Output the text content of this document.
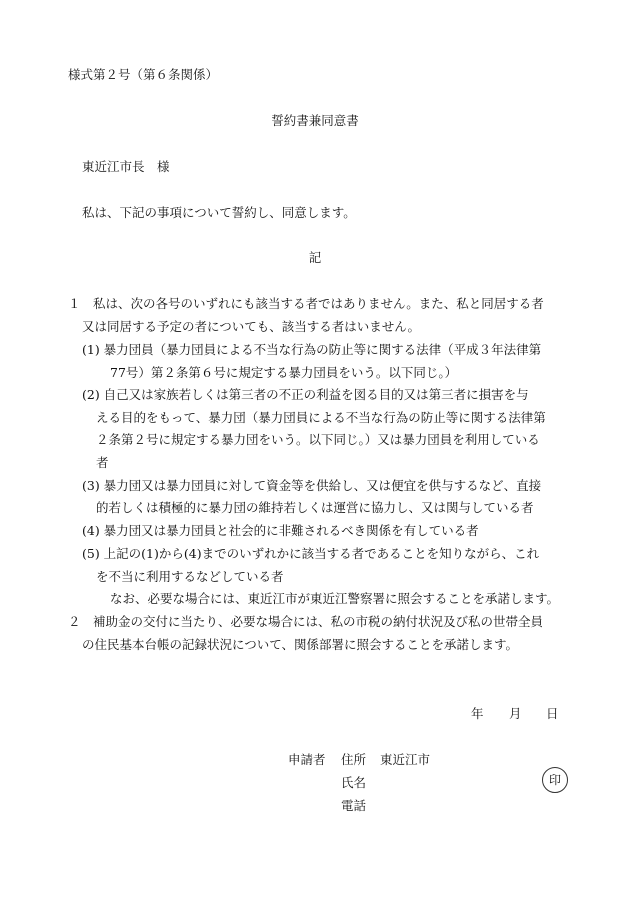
様式第２号（第６条関係）
誓約書兼同意書
東近江市長　様
私は、下記の事項について誓約し、同意します。
記
１　私は、次の各号のいずれにも該当する者ではありません。また、私と同居する者
又は同居する予定の者についても、該当する者はいません。
(1) 暴力団員（暴力団員による不当な行為の防止等に関する法律（平成３年法律第
77号）第２条第６号に規定する暴力団員をいう。以下同じ。）
(2) 自己又は家族若しくは第三者の不正の利益を図る目的又は第三者に損害を与
える目的をもって、暴力団（暴力団員による不当な行為の防止等に関する法律第
２条第２号に規定する暴力団をいう。以下同じ。）又は暴力団員を利用している
者
(3) 暴力団又は暴力団員に対して資金等を供給し、又は便宜を供与するなど、直接
的若しくは積極的に暴力団の維持若しくは運営に協力し、又は関与している者
(4) 暴力団又は暴力団員と社会的に非難されるべき関係を有している者
(5) 上記の(1)から(4)までのいずれかに該当する者であることを知りながら、これ
を不当に利用するなどしている者
なお、必要な場合には、東近江市が東近江警察署に照会することを承諾します。
２　補助金の交付に当たり、必要な場合には、私の市税の納付状況及び私の世帯全員
の住民基本台帳の記録状況について、関係部署に照会することを承諾します。
年 月 日
申請者 住所 東近江市
氏名	印
電話
